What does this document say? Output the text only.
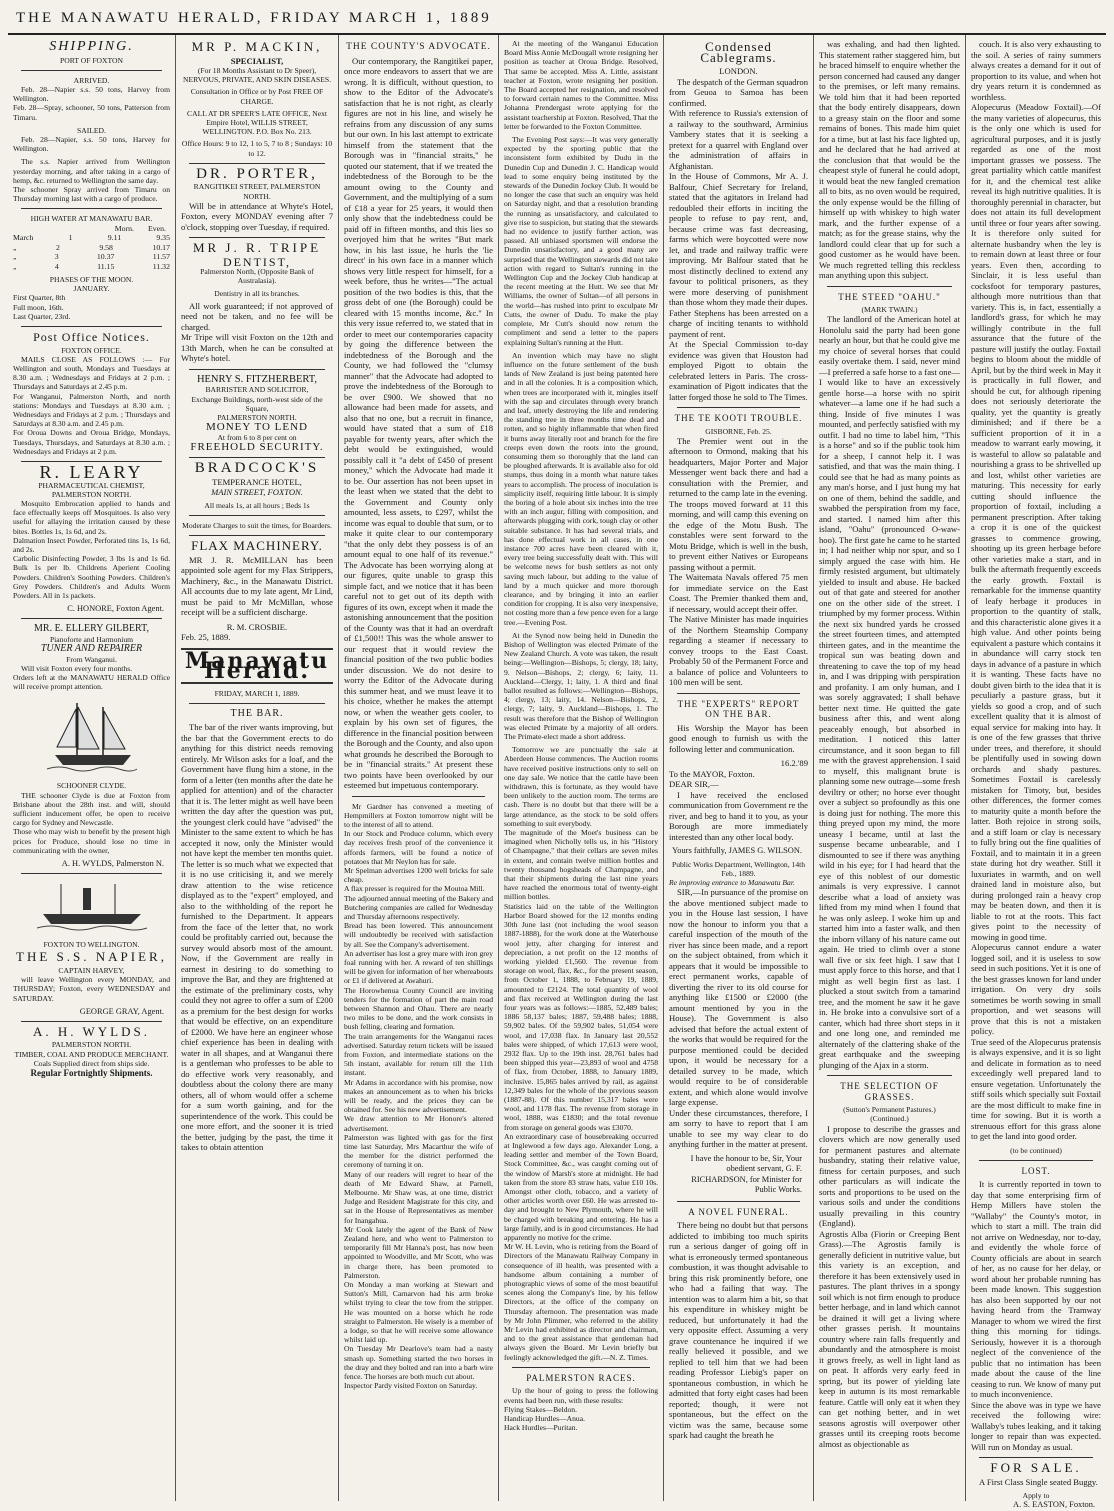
THE MANAWATU HERALD, FRIDAY MARCH 1, 1889
SHIPPING.
PORT OF FOXTON
ARRIVED.

Feb. 28—Napier s.s. 50 tons, Harvey from Wellington.
Feb. 28—Spray, schooner, 50 tons, Patterson from Timaru.

SAILED.

Feb. 28—Napier, s.s. 50 tons, Harvey for Wellington.

The s.s. Napier arrived from Wellington yesterday morning, and after taking in a cargo of hemp, &c. returned to Wellington the same day.
The schooner Spray arrived from Timaru on Thursday morning last with a cargo of produce.

HIGH WATER AT MANAWATU BAR.
Morn. Even.
March	1	9.11	9.35
„	2	9.58	10.17
„	3	10.37	11.57
„	4	11.15	11.32
PHASES OF THE MOON.
JANUARY.
First Quarter, 8th
Full moon, 16th.
Last Quarter, 23rd.
Post Office Notices.
FOXTON OFFICE.

MAILS CLOSE AS FOLLOWS :— For Wellington and south, Mondays and Tuesdays at 8.30 a.m. ; Wednesdays and Fridays at 2 p.m. ; Thursdays and Saturdays at 2.45 p.m.
For Wanganui, Palmerston North, and north stations: Mondays and Tuesdays at 8.30 a.m. ; Wednesdays and Fridays at 2 p.m. ; Thursdays and Saturdays at 8.30 a.m. and 2.45 p.m.
For Oroua Downs and Oroua Bridge, Mondays, Tuesdays, Thursdays, and Saturdays at 8.30 a.m. ; Wednesdays and Fridays at 2 p.m.

R. LEARY
PHARMACEUTICAL CHEMIST, PALMERSTON NORTH.

Mosquito Embrocation applied to hands and face effectually keeps off Mosquitoes. Is also very useful for allaying the irritation caused by these bites. Bottles 1s, 1s 6d, and 2s.
Dalmation Insect Powder, Perforated tins 1s, 1s 6d, and 2s.
Carbolic Disinfecting Powder, 3 lbs 1s and 1s 6d. Bulk 1s per lb. Childrens Aperient Cooling Powders. Children's Soothing Powders. Children's Grey Powders. Children's and Adults Worm Powders. All in 1s packets.

C. HONORE, Foxton Agent.
MR. E. ELLERY GILBERT,
Pianoforte and Harmonium
TUNER AND REPAIRER
From Wanganui.

Will visit Foxton every four months.
Orders left at the MANAWATU HERALD Office will receive prompt attention.

SCHOONER CLYDE.

THE schooner Clyde is due at Foxton from Brisbane about the 28th inst. and will, should sufficient inducement offer, be open to receive cargo for Sydney and Newcastle.
Those who may wish to benefit by the present high prices for Produce, should lose no time in communicating with the owner,

A. H. WYLDS, Palmerston N.
FOXTON TO WELLINGTON.
THE S.S. NAPIER,
CAPTAIN HARVEY,

will leave Wellington every MONDAY, and THURSDAY; Foxton, every WEDNESDAY and SATURDAY.

GEORGE GRAY, Agent.
A. H. WYLDS.
PALMERSTON NORTH.
TIMBER, COAL AND PRODUCE MERCHANT.
Coals Supplied direct from ships side.
Regular Fortnightly Shipments.
MR P. MACKIN,
SPECIALIST,
(For 18 Months Assistant to Dr Speer), NERVOUS, PRIVATE, AND SKIN DISEASES.
Consultation in Office or by Post FREE OF CHARGE.
CALL AT DR SPEER'S LATE OFFICE, Next Empire Hotel, WILLIS STREET, WELLINGTON. P.O. Box No. 213.
Office Hours: 9 to 12, 1 to 5, 7 to 8 ; Sundays: 10 to 12.
DR. PORTER,
RANGITIKEI STREET, PALMERSTON NORTH.

Will be in attendance at Whyte's Hotel, Foxton, every MONDAY evening after 7 o'clock, stopping over Tuesday, if required.

MR J. R. TRIPE
DENTIST,
Palmerston North, (Opposite Bank of Australasia).
Dentistry in all its branches.

All work guaranteed; if not approved of need not be taken, and no fee will be charged.
Mr Tripe will visit Foxton on the 12th and 13th March, when he can be consulted at Whyte's hotel.

HENRY S. FITZHERBERT,
BARRISTER AND SOLICITOR,
Exchange Buildings, north-west side of the Square,
PALMERSTON NORTH.
MONEY TO LEND
At from 6 to 8 per cent on
FREEHOLD SECURITY.
BRADCOCK'S
TEMPERANCE HOTEL,
MAIN STREET, FOXTON.
All meals 1s, at all hours ; Beds 1s
Moderate Charges to suit the times, for Boarders.
FLAX MACHINERY.

MR J. R. McMILLAN has been appointed sole agent for my Flax Strippers, Machinery, &c., in the Manawatu District. All accounts due to my late agent, Mr Lind, must be paid to Mr McMillan, whose receipt will be a sufficient discharge.

R. M. CROSBIE.
Feb. 25, 1889.
Manawatu Herald.
FRIDAY, MARCH 1, 1889.
THE BAR.

The bar of the river wants improving, but the bar that the Government erects to do anything for this district needs removing entirely. Mr Wilson asks for a loaf, and the Government have flung him a stone, in the form of a letter (ten months after the date he applied for attention) and of the character that it is. The letter might as well have been written the day after the question was put, the youngest clerk could have "advised" the Minister to the same extent to which he has accepted it now, only the Minister would not have kept the member ten months quiet. The letter is so much what we expected that it is no use criticising it, and we merely draw attention to the wise reticence displayed as to the "expert" employed, and also to the withholding of the report he furnished to the Department. It appears from the face of the letter that, no work could be profitably carried out, because the survey would absorb most of the amount. Now, if the Government are really in earnest in desiring to do something to improve the Bar, and they are frightened at the estimate of the preliminary costs, why could they not agree to offer a sum of £200 as a premium for the best design for works that would be effective, on an expenditure of £2000. We have here an engineer whose chief experience has been in dealing with water in all shapes, and at Wanganui there is a gentleman who professes to be able to do effective work very reasonably, and doubtless about the colony there are many others, all of whom would offer a scheme for a sum worth gaining, and for the superintendence of the work. This could be one more effort, and the sooner it is tried the better, judging by the past, the time it takes to obtain attention

THE COUNTY'S ADVOCATE.

Our contemporary, the Rangitikei paper, once more endeavors to assert that we are wrong. It is difficult, without question, to show to the Editor of the Advocate's satisfaction that he is not right, as clearly figures are not in his line, and wisely he refrains from any discussion of any sums but our own. In his last attempt to extricate himself from the statement that the Borough was in "financial straits," he quoted our statement, that if we treated the indebtedness of the Borough to be the amount owing to the County and Government, and the multiplying of a sum of £18 a year for 25 years, it would then only show that the indebtedness could be paid off in fifteen months, and this lies so overjoyed him that he writes "But mark how, in his last issue, he hurls the 'lie direct' in his own face in a manner which shows very little respect for himself, for a week before, thus he writes—"The actual position of the two bodies is this, that the gross debt of one (the Borough) could be cleared with 15 months income, &c." In this very issue referred to, we stated that in order to meet our contemporaries capacity by going the difference between the indebtedness of the Borough and the County, we had followed the "clumsy manner" that the Advocate had adopted to prove the indebtedness of the Borough to be over £900. We showed that no allowance had been made for assets, and also that no one, but a recruit in finance, would have stated that a sum of £18 payable for twenty years, after which the debt would be extinguished, would possibly call it "a debt of £450 of present money," which the Advocate had made it to be. Our assertion has not been upset in the least when we stated that the debt to the Government and County only amounted, less assets, to £297, whilst the income was equal to double that sum, or to make it quite clear to our contemporary "that the only debt they possess is of an amount equal to one half of its revenue." The Advocate has been worrying along at our figures, quite unable to grasp this simple fact, and we notice that it has been careful not to get out of its depth with figures of its own, except when it made the astonishing announcement that the position of the County was that it had an overdraft of £1,500!! This was the whole answer to our request that it would review the financial position of the two public bodies under discussion. We do not desire to worry the Editor of the Advocate during this summer heat, and we must leave it to his choice, whether he makes the attempt now, or when the weather gets cooler, to explain by his own set of figures, the difference in the financial position between the Borough and the County, and also upon what grounds he described the Borough to be in "financial straits." At present these two points have been overlooked by our esteemed but impetuous contemporary.

Mr Gardner has convened a meeting of Hempmillers at Foxton tomorrow night will be to the interest of all to attend.
In our Stock and Produce column, which every day receives fresh proof of the convenience it affords farmers, will be found a notice of potatoes that Mr Neylon has for sale.
Mr Spelman advertises 1200 well bricks for sale cheap.
A flax presser is required for the Moutoa Mill.
The adjourned annual meeting of the Bakery and Butchering companies are called for Wednesday and Thursday afternoons respectively.
Bread has been lowered. This announcement will undoubtedly be received with satisfaction by all. See the Company's advertisement.
An advertiser has lost a grey mare with iron grey foal running with her. A reward of ten shillings will be given for information of her whereabouts or £1 if delivered at Awahuri.
The Horowhenua County Council are inviting tenders for the formation of part the main road between Shannon and Ohau. There are nearly two miles to be done, and the work consists in bush felling, clearing and formation.
The train arrangements for the Wanganui races advertised. Saturday return tickets will be issued from Foxton, and intermediate stations on the 5th instant, available for return till the 11th instant.
Mr Adams in accordance with his promise, now makes an announcement as to when his bricks will be ready, and the prices they can be obtained for. See his new advertisement.
We draw attention to Mr Honore's altered advertisement.
Palmerston was lighted with gas for the first time last Saturday, Mrs Macarthur the wife of the member for the district performed the ceremony of turning it on.
Many of our readers will regret to hear of the death of Mr Edward Shaw, at Parnell, Melbourne. Mr Shaw was, at one time, district Judge and Resident Magistrate for this city, and sat in the House of Representatives as member for Inangahua.
Mr Cook lately the agent of the Bank of New Zealand here, and who went to Palmerston to temporarily fill Mr Hanna's post, has now been appointed to Woodville, and Mr Scott, who was in charge there, has been promoted to Palmerston.
On Monday a man working at Stewart and Sutton's Mill, Carnarvon had his arm broke whilst trying to clear the tow from the stripper. He was mounted on a horse which he rode straight to Palmerston. He wisely is a member of a lodge, so that he will receive some allowance whilst laid up.
On Tuesday Mr Dearlove's team had a nasty smash up. Something started the two horses in the dray and they bolted and ran into a barb wire fence. The horses are both much cut about.
Inspector Pardy visited Foxton on Saturday.

At the meeting of the Wanganui Education Board Miss Annie McDougall wrote resigning her position as teacher at Oroua Bridge. Resolved, That same be accepted. Miss A. Little, assistant teacher at Foxton, wrote resigning her position. The Board accepted her resignation, and resolved to forward certain names to the Committee. Miss Johanna Prendergast wrote applying for the assistant teachership at Foxton. Resolved, That the letter be forwarded to the Foxton Committee.

The Evening Post says:—It was very generally expected by the sporting public that the inconsistent form exhibited by Dudu in the Dunedin Cup and Dunedin J. C. Handicap would lead to some enquiry being instituted by the stewards of the Dunedin Jockey Club. It would be no longer the case that such an enquiry was held on Saturday night, and that a resolution branding the running as unsatisfactory, and calculated to give rise to suspicion, but stating that the stewards had no evidence to justify further action, was passed. All unbiased sportsmen will endorse the Dunedin unsatisfactory, and a good many are surprised that the Wellington stewards did not take action with regard to Sultan's running in the Wellington Cup and the Jockey Club handicap at the recent meeting at the Hutt. We see that Mr Williams, the owner of Sultan—of all persons in the world—has rushed into print to exculpate Mr Cutts, the owner of Dudu. To make the play complete, Mr Cutt's should now return the compliment and send a letter to the papers explaining Sultan's running at the Hutt.

An invention which may have no slight influence on the future settlement of the bush lands of New Zealand is just being patented here and in all the colonies. It is a composition which, when trees are incorporated with it, mingles itself with the sap and circulates through every branch and leaf, utterly destroying the life and rendering the standing tree in three months time dead and rotten, and so highly inflammable that when fired it burns away literally root and branch for the fire creeps even down the roots into the ground, consuming them so thoroughly that the land can be ploughed afterwards. It is available also for old stumps, thus doing in a month what nature takes years to accomplish. The process of inoculation is simplicity itself, requiring little labour. It is simply the boring of a hole about six inches into the tree with an inch augur, filling with composition, and afterwards plugging with cork, tough clay or other suitable substance. It has had several trials, and has done effectual work in all cases, in one instance 700 acres have been cleared with it, every tree being successfully dealt with. This will be welcome news for bush settlers as not only saving much labour, but adding to the value of land by a much quicker and more thorough clearance, and by bringing it into an earlier condition for cropping. It is also very inexpensive, not costing more than a few pence even for a large tree.—Evening Post.

At the Synod now being held in Dunedin the Bishop of Wellington was elected Primate of the New Zealand Church. A vote was taken, the result being:—Wellington—Bishops, 5; clergy, 18; laity, 9. Nelson—Bishops, 2; clergy, 6; laity, 11. Auckland—Clergy, 1; laity, 1. A third and final ballot resulted as follows:—Wellington—Bishops, 4; clergy, 13; laity, 14. Nelson—Bishops, 2, clergy, 7; laity, 9. Auckland—Bishops, 1. The result was therefore that the Bishop of Wellington was elected Primate by a majority of all orders. The Primate-elect made a short address.

Tomorrow we are punctually the sale at Aberdeen House commences. The Auction rooms have received positive instructions only to sell on one day sale. We notice that the cattle have been withdrawn, this is fortunate, as they would have been unlikely to the auction room. The terms are cash. There is no doubt but that there will be a large attendance, as the stock to be sold offers something to suit everybody.
The magnitude of the Moet's business can be imagined when Nicholly tells us, in his "History of Champagne," that their cellars are seven miles in extent, and contain twelve million bottles and twenty thousand hogsheads of Champagne, and that their shipments during the last nine years have reached the enormous total of twenty-eight million bottles.
Statistics laid on the table of the Wellington Harbor Board showed for the 12 months ending 30th June last (not including the wool season 1887-1888), for the work done at the Waterhouse wool jetty, after charging for interest and depreciation, a net profit on the 12 months of working yielded £1,560. The revenue from storage on wool, flax, &c., for the present season, from October 1, 1888, to February 19, 1889, amounted to £2124. The total quantity of wool and flax received at Wellington during the last four years was as follows:—1885, 52,489 bales; 1886 58,137 bales; 1887, 59,488 bales; 1888, 59,902 bales. Of the 59,902 bales, 51,054 were wool, and 17,038 flax. In January last 20,552 bales were shipped, of which 17,613 were wool, 2932 flax. Up to the 19th inst. 28,761 bales had been shipped this year—23,893 of wool and 4758 of flax, from October, 1888, to January 1889, inclusive. 15,865 bales arrived by rail, as against 12,349 bales for the whole of the previous season (1887-88). Of this number 15,317 bales were wool, and 1178 flax. The revenue from storage in wool, 1888, was £1830; and the total revenue from storage on general goods was £3070.
An extraordinary case of housebreaking occurred at Inglewood a few days ago. Alexander Long, a leading settler and member of the Town Board, Stock Committee, &c., was caught coming out of the window of Marsh's store at midnight. He had taken from the store 83 straw hats, value £10 10s. Amongst other cloth, tobacco, and a variety of other articles worth over £60. He was arrested to-day and brought to New Plymouth, where he will be charged with breaking and entering. He has a large family, and is in good circumstances. He had apparently no motive for the crime.
Mr W. H. Levin, who is retiring from the Board of Directors of the Manawatu Railway Company in consequence of ill health, was presented with a handsome album containing a number of photographic views of some of the most beautiful scenes along the Company's line, by his fellow Directors, at the office of the company on Thursday afternoon. The presentation was made by Mr John Plimmer, who referred to the ability Mr Levin had exhibited as director and chairman, and to the great assistance that gentleman had always given the Board. Mr Levin briefly but feelingly acknowledged the gift.—N. Z. Times.

PALMERSTON RACES.

Up the hour of going to press the following events had been run, with these results:
Flying Stakes—Beldon.
Handicap Hurdles—Anua.
Hack Hurdles—Puritan.

Condensed Cablegrams.
LONDON.

The despatch of the German squadron from Geuoa to Samoa has been confirmed.
With reference to Russia's extension of a railway to the southward, Arminius Vambery states that it is seeking a pretext for a quarrel with England over the administration of affairs in Afghanistan.
In the House of Commons, Mr A. J. Balfour, Chief Secretary for Ireland, stated that the agitators in Ireland had redoubled their efforts in inciting the people to refuse to pay rent, and, because crime was fast decreasing, farms which were boycotted were now let, and trade and railway traffic were improving. Mr Balfour stated that he most distinctly declined to extend any favour to political prisoners, as they were more deserving of punishment than those whom they made their dupes.
Father Stephens has been arrested on a charge of inciting tenants to withhold payment of rent.
At the Special Commission to-day evidence was given that Houston had employed Pigott to obtain the celebrated letters in Paris. The cross-examination of Pigott indicates that the latter forged those he sold to The Times.

THE TE KOOTI TROUBLE.
GISBORNE, Feb. 25.

The Premier went out in the afternoon to Ormond, making that his headquarters, Major Porter and Major Messenger went back there and had a consultation with the Premier, and returned to the camp late in the evening.
The troops moved forward at 11 this morning, and will camp this evening on the edge of the Motu Bush. The constables were sent forward to the Motu Bridge, which is well in the bush, to prevent either Natives or Europeans passing without a permit.
The Waitemata Navals offered 75 men for immediate service on the East Coast. The Premier thanked them and, if necessary, would accept their offer.
The Native Minister has made inquiries of the Northern Steamship Company regarding a steamer if necessary to convey troops to the East Coast. Probably 50 of the Permanent Force and a balance of police and Volunteers to 100 men will be sent.

THE "EXPERTS" REPORT ON THE BAR.

His Worship the Mayor has been good enough to furnish us with the following letter and communication.

16.2.'89
To the MAYOR, Foxton.
DEAR SIR,—

I have received the enclosed communication from Government re the river, and beg to hand it to you, as your Borough are more immediately interested than any other local body.

Yours faithfully, JAMES G. WILSON.
Public Works Department, Wellington, 14th Feb., 1889.
Re improving entrance to Manawatu Bar.

SIR,—In pursuance of the promise on the above mentioned subject made to you in the House last session, I have now the honour to inform you that a careful inspection of the mouth of the river has since been made, and a report on the subject obtained, from which it appears that it would be impossible to erect permanent works, capable of diverting the river to its old course for anything like £1500 or £2000 (the amount mentioned by you in the House). The Government is also advised that before the actual extent of the works that would be required for the purpose mentioned could be decided upon, it would be necessary for a detailed survey to be made, which would require to be of considerable extent, and which alone would involve large expense.
Under these circumstances, therefore, I am sorry to have to report that I am unable to see my way clear to do anything further in the matter at present.

I have the honour to be, Sir, Your obedient servant, G. F. RICHARDSON, for Minister for Public Works.
A NOVEL FUNERAL.

There being no doubt but that persons addicted to imbibing too much spirits run a serious danger of going off in what is erroneously termed spontaneous combustion, it was thought advisable to bring this risk prominently before, one who had a failing that way. The intention was to alarm him a bit, so that his expenditure in whiskey might be reduced, but unfortunately it had the very opposite effect. Assuming a very grave countenance he inquired if we really believed it possible, and we replied to tell him that we had been reading Professor Liebig's paper on spontaneous combustion, in which he admitted that forty eight cases had been reported; though, it were not spontaneous, but the effect on the victim was the same, because some spark had caught the breath he

was exhaling, and had then lighted. This statement rather staggered him, but he braced himself to enquire whether the person concerned had caused any danger to the premises, or left many remains. We told him that it had been reported that the body entirely disappears, down to a greasy stain on the floor and some remains of bones. This made him quiet for a time, but at last his face lighted up, and he declared that he had arrived at the conclusion that that would be the cheapest style of funeral he could adopt, it would beat the new fangled cremation all to bits, as no oven would be required, the only expense would be the filling of himself up with whiskey to high water mark, and the further expense of a match; as for the grease stains, why the landlord could clear that up for such a good customer as he would have been. We much regretted telling this reckless man anything upon this subject.

THE STEED "OAHU."
(MARK TWAIN.)

The landlord of the American hotel at Honolulu said the party had been gone nearly an hour, but that he could give me my choice of several horses that could easily overtake them. I said, never mind—I preferred a safe horse to a fast one—I would like to have an excessively gentle horse—a horse with no spirit whatever—a lame one if he had such a thing. Inside of five minutes I was mounted, and perfectly satisfied with my outfit. I had no time to label him, "This is a horse" and so if the public took him for a sheep, I cannot help it. I was satisfied, and that was the main thing. I could see that he had as many points as any man's horse, and I just hung my hat on one of them, behind the saddle, and swabbed the perspiration from my face, and started. I named him after this island, "Oahu" (pronounced O-waw-hoo). The first gate he came to he started in; I had neither whip nor spur, and so I simply argued the case with him. He firmly resisted argument, but ultimately yielded to insult and abuse. He backed out of that gate and steered for another one on the other side of the street. I triumphed by my former process. Within the next six hundred yards he crossed the street fourteen times, and attempted thirteen gates, and in the meantime the tropical sun was beating down and threatening to cave the top of my head in, and I was dripping with perspiration and profanity. I am only human, and I was sorely aggravated; I shall behave better next time. He quitted the gate business after this, and went along peaceably enough, but absorbed in meditation. I noticed this latter circumstance, and it soon began to fill me with the gravest apprehension. I said to myself, this malignant brute is planning some new outrage—some fresh deviltry or other; no horse ever thought over a subject so profoundly as this one is doing just for nothing. The more this thing preyed upon my mind, the more uneasy I became, until at last the suspense became unbearable, and I dismounted to see if there was anything wild in his eye; for I had heard that the eye of this noblest of our domestic animals is very expressive. I cannot describe what a load of anxiety was lifted from my mind when I found that he was only asleep. I woke him up and started him into a faster walk, and then the inborn villany of his nature came out again. He tried to climb over a stone wall five or six feet high. I saw that I must apply force to this horse, and that I might as well begin first as last. I plucked a stout switch from a tamarind tree, and the moment he saw it he gave in. He broke into a convulsive sort of a canter, which had three short steps in it and one long one, and reminded me alternately of the clattering shake of the great earthquake and the sweeping plunging of the Ajax in a storm.

THE SELECTION OF GRASSES.
(Sutton's Permanent Pastures.)
(Continued.)

I propose to describe the grasses and clovers which are now generally used for permanent pastures and alternate husbandry, stating their relative value, fitness for certain purposes, and such other particulars as will indicate the sorts and proportions to be used on the various soils and under the conditions usually prevailing in this country (England).
Agrostis Alba (Fiorin or Creeping Bent Grass).—The Agrostis family is generally deficient in nutritive value, but this variety is an exception, and therefore it has been extensively used in pastures. The plant thrives in a spongy soil which is not firm enough to produce better herbage, and in land which cannot be drained it will get a living where other grasses perish. It mountains country where rain falls frequently and abundantly and the atmosphere is moist it grows freely, as well in light land as on peat. It affords very early feed in spring, but its power of yielding late keep in autumn is its most remarkable feature. Cattle will only eat it when they can get nothing better, and in wet seasons agrostis will overpower other grasses until its creeping roots become almost as objectionable as

couch. It is also very exhausting to the soil. A series of rainy summers always creates a demand for it out of proportion to its value, and when hot dry years return it is condemned as worthless.
Alopecurus (Meadow Foxtail).—Of the many varieties of alopecurus, this is the only one which is used for agricultural purposes, and it is justly regarded as one of the most important grasses we possess. The great partiality which cattle manifest for it, and the chemical test alike reveal its high nutritive qualities. It is thoroughly perennial in character, but does not attain its full development until three or four years after sowing. It is therefore only suited for alternate husbandry when the ley is to remain down at least three or four years. Even then, according to Sinclair, it is less useful than cocksfoot for temporary pastures, although more nutritious than that variety. This is, in fact, essentially a landlord's grass, for which he may willingly contribute in the full assurance that the future of the pasture will justify the outlay. Foxtail begins to bloom about the middle of April, but by the third week in May it is practically in full flower, and should be cut, for although ripening does not seriously deteriorate the quality, yet the quantity is greatly diminished; and if there be a sufficient proportion of it in a meadow to warrant early mowing, it is wasteful to allow so palatable and nourishing a grass to be shrivelled up and lost, whilst other varieties are maturing. This necessity for early cutting should influence the proportion of foxtail, including a permanent prescription. After taking a crop it is one of the quickest grasses to commence growing, shooting up its green herbage before other varieties make a start, and in bulk the aftermath frequently exceeds the early growth. Foxtail is remarkable for the immense quantity of leafy herbage it produces in proportion to the quantity of stalk, and this characteristic alone gives it a high value. And other points being equivalent a pasture which contains it in abundance will carry stock ten days in advance of a pasture in which it is wanting. These facts have no doubt given birth to the idea that it is peculiarly a pasture grass, but it yields so good a crop, and of such excellent quality that it is almost of equal service for making into hay. It is one of the few grasses that thrive under trees, and therefore, it should be plentifully used in sowing down orchards and shady pastures. Sometimes Foxtail is carelessly mistaken for Timoty, but, besides other differences, the former comes to maturity quite a month before the latter. Both rejoice in strong soils, and a stiff loam or clay is necessary to fully bring out the fine qualities of Foxtail, and to maintain it in a green state during hot dry weather. Still it luxuriates in warmth, and on well drained land in moisture also, but during prolonged rain a heavy crop may be beaten down, and then it is liable to rot at the roots. This fact gives point to the necessity of mowing in good time.
Alopecurus cannot endure a water logged soil, and it is useless to sow seed in such positions. Yet it is one of the best grasses known for land under irrigation. On very dry soils sometimes be worth sowing in small proportion, and wet seasons will prove that this is not a mistaken policy.
True seed of the Alopecurus pratensis is always expensive, and it is so light and delicate in formation as to need exceedingly well prepared land to ensure vegetation. Unfortunately the stiff soils which specially suit Foxtail are the most difficult to make fine in time for sowing. But it is worth a strenuous effort for this grass alone to get the land into good order.

(to be continued)
LOST.

It is currently reported in town to day that some enterprising firm of Hemp Millers have stolen the "Wallaby" the County's motor, in which to start a mill. The train did not arrive on Wednesday, nor to-day, and evidently the whole force of County officials are about in search of her, as no cause for her delay, or word about her probable running has been made known. This suggestion has also been supported by our not having heard from the Tramway Manager to whom we wired the first thing this morning for tidings. Seriously, however it is a thorough neglect of the convenience of the public that no intimation has been made about the cause of the line ceasing to run. We know of many put to much inconvenience.
Since the above was in type we have received the following wire: Wallaby's tubes leaking, and it taking longer to repair than was expected. Will run on Monday as usual.

FOR SALE.

A First Class Single seated Buggy.

Apply to
A. S. EASTON, Foxton.
